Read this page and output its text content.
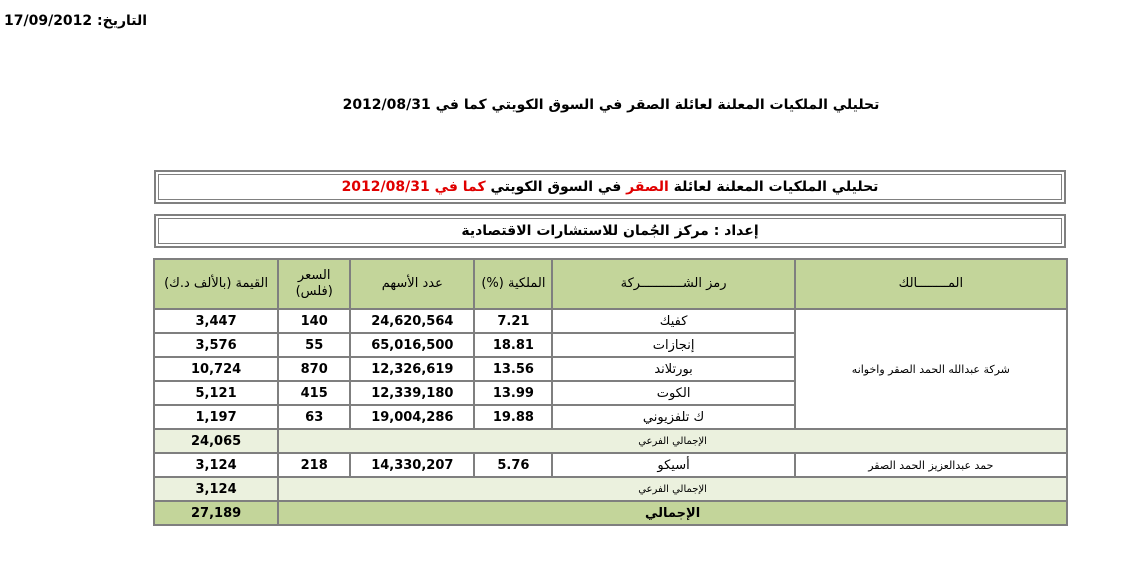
التاريخ: 17/09/2012
تحليلي الملكيات المعلنة لعائلة الصقر في السوق الكويتي كما في 2012/08/31
تحليلي الملكيات المعلنة لعائلة الصقر في السوق الكويتي كما في 2012/08/31
إعداد : مركز الجُمان للاستشارات الاقتصادية
المــــــــالك	رمز الشـــــــــــركة	الملكية (%)	عدد الأسهم	السعر (فلس)	القيمة (بالألف د.ك)
شركة عبدالله الحمد الصقر واخوانه	كفيك	7.21	24,620,564	140	3,447
	إنجازات	18.81	65,016,500	55	3,576
	بورتلاند	13.56	12,326,619	870	10,724
	الكوت	13.99	12,339,180	415	5,121
	ك تلفزيوني	19.88	19,004,286	63	1,197
الإجمالي الفرعي					24,065
حمد عبدالعزيز الحمد الصقر	أسيكو	5.76	14,330,207	218	3,124
الإجمالي الفرعي					3,124
الإجمالي					27,189
